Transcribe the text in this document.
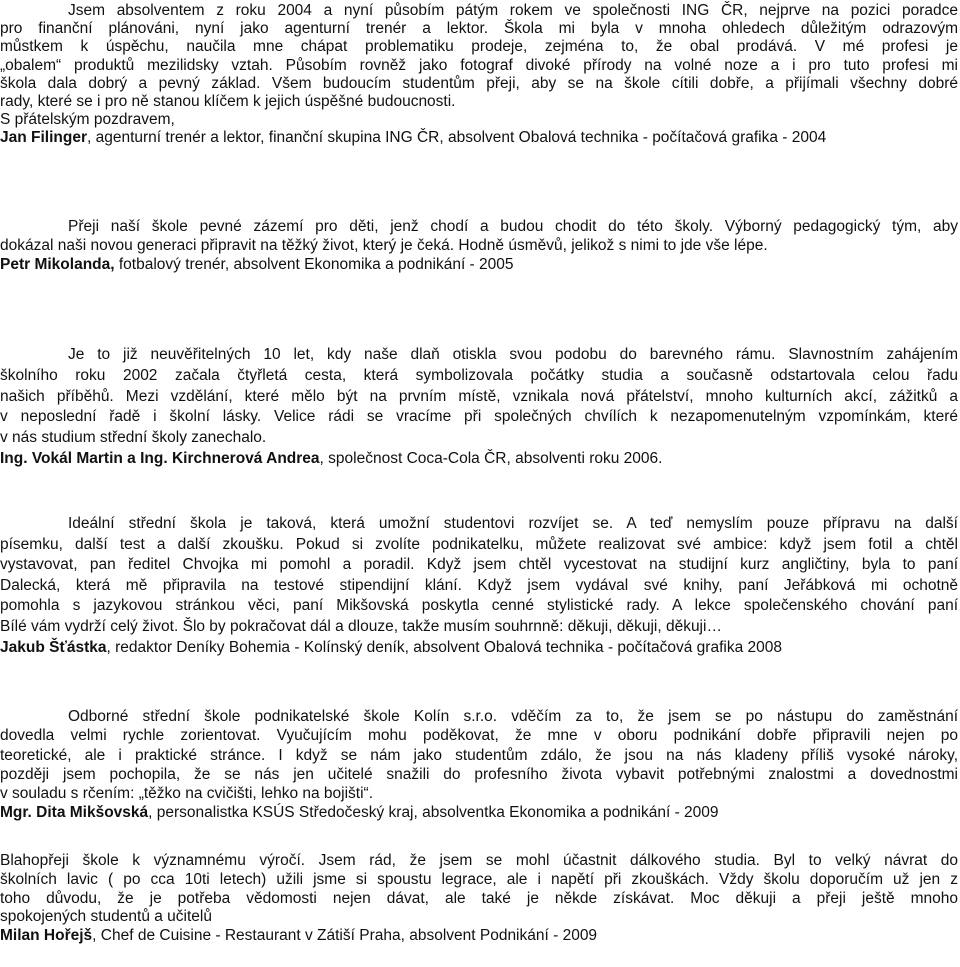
Jsem absolventem z roku 2004 a nyní působím pátým rokem ve společnosti ING ČR, nejprve na pozici poradce
pro finanční plánováni, nyní jako agenturní trenér a lektor. Škola mi byla v mnoha ohledech důležitým odrazovým
můstkem k úspěchu, naučila mne chápat problematiku prodeje, zejména to, že obal prodává. V mé profesi je
„obalem“ produktů mezilidsky vztah. Působím rovněž jako fotograf divoké přírody na volné noze a i pro tuto profesi mi
škola dala dobrý a pevný základ. Všem budoucím studentům přeji, aby se na škole cítili dobře, a přijímali všechny dobré
rady, které se i pro ně stanou klíčem k jejich úspěšné budoucnosti.
S přátelským pozdravem,
Jan Filinger, agenturní trenér a lektor, finanční skupina ING ČR, absolvent Obalová technika - počítačová grafika - 2004
Přeji naší škole pevné zázemí pro děti, jenž chodí a budou chodit do této školy. Výborný pedagogický tým, aby
dokázal naši novou generaci připravit na těžký život, který je čeká. Hodně úsměvů, jelikož s nimi to jde vše lépe.
Petr Mikolanda, fotbalový trenér, absolvent Ekonomika a podnikání - 2005
Je to již neuvěřitelných 10 let, kdy naše dlaň otiskla svou podobu do barevného rámu. Slavnostním zahájením
školního roku 2002 začala čtyřletá cesta, která symbolizovala počátky studia a současně odstartovala celou řadu
našich příběhů. Mezi vzdělání, které mělo být na prvním místě, vznikala nová přátelství, mnoho kulturních akcí, zážitků a
v neposlední řadě i školní lásky. Velice rádi se vracíme při společných chvílích k nezapomenutelným vzpomínkám, které
v nás studium střední školy zanechalo.
Ing. Vokál Martin a Ing. Kirchnerová Andrea, společnost Coca-Cola ČR, absolventi roku 2006.
Ideální střední škola je taková, která umožní studentovi rozvíjet se. A teď nemyslím pouze přípravu na další
písemku, další test a další zkoušku. Pokud si zvolíte podnikatelku, můžete realizovat své ambice: když jsem fotil a chtěl
vystavovat, pan ředitel Chvojka mi pomohl a poradil. Když jsem chtěl vycestovat na studijní kurz angličtiny, byla to paní
Dalecká, která mě připravila na testové stipendijní klání. Když jsem vydával své knihy, paní Jeřábková mi ochotně
pomohla s jazykovou stránkou věci, paní Mikšovská poskytla cenné stylistické rady. A lekce společenského chování paní
Bílé vám vydrží celý život. Šlo by pokračovat dál a dlouze, takže musím souhrnně: děkuji, děkuji, děkuji…
Jakub Šťástka, redaktor Deníky Bohemia - Kolínský deník, absolvent Obalová technika - počítačová grafika 2008
Odborné střední škole podnikatelské škole Kolín s.r.o. vděčím za to, že jsem se po nástupu do zaměstnání
dovedla velmi rychle zorientovat. Vyučujícím mohu poděkovat, že mne v oboru podnikání dobře připravili nejen po
teoretické, ale i praktické stránce. I když se nám jako studentům zdálo, že jsou na nás kladeny příliš vysoké nároky,
později jsem pochopila, že se nás jen učitelé snažili do profesního života vybavit potřebnými znalostmi a dovednostmi
v souladu s rčením: „těžko na cvičišti, lehko na bojišti“.
Mgr. Dita Mikšovská, personalistka KSÚS Středočeský kraj, absolventka Ekonomika a podnikání - 2009
Blahopřeji škole k významnému výročí. Jsem rád, že jsem se mohl účastnit dálkového studia. Byl to velký návrat do
školních lavic ( po cca 10ti letech) užili jsme si spoustu legrace, ale i napětí při zkouškách. Vždy školu doporučím už jen z
toho důvodu, že je potřeba vědomosti nejen dávat, ale také je někde získávat. Moc děkuji a přeji ještě mnoho
spokojených studentů a učitelů
Milan Hořejš, Chef de Cuisine - Restaurant v Zátiší Praha, absolvent Podnikání - 2009
